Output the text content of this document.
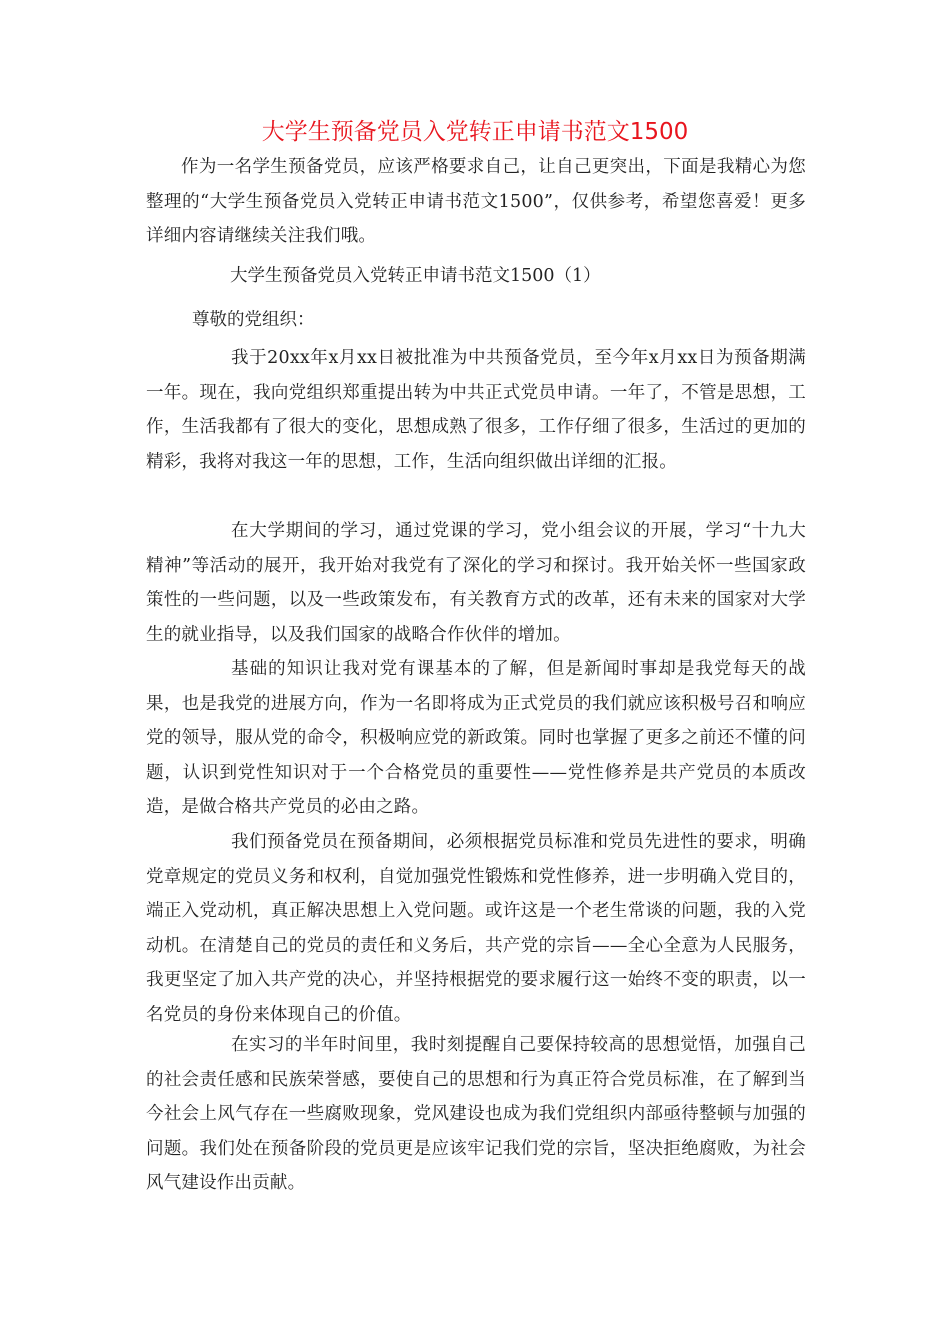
大学生预备党员入党转正申请书范文1500

作为一名学生预备党员，应该严格要求自己，让自己更突出，下面是我精心为您整理的“大学生预备党员入党转正申请书范文1500”，仅供参考，希望您喜爱！更多详细内容请继续关注我们哦。

大学生预备党员入党转正申请书范文1500（1）

尊敬的党组织：

我于20xx年x月xx日被批准为中共预备党员，至今年x月xx日为预备期满一年。现在，我向党组织郑重提出转为中共正式党员申请。一年了，不管是思想，工作，生活我都有了很大的变化，思想成熟了很多，工作仔细了很多，生活过的更加的精彩，我将对我这一年的思想，工作，生活向组织做出详细的汇报。

在大学期间的学习，通过党课的学习，党小组会议的开展，学习“十九大精神”等活动的展开，我开始对我党有了深化的学习和探讨。我开始关怀一些国家政策性的一些问题，以及一些政策发布，有关教育方式的改革，还有未来的国家对大学生的就业指导，以及我们国家的战略合作伙伴的增加。

基础的知识让我对党有课基本的了解，但是新闻时事却是我党每天的战果，也是我党的进展方向，作为一名即将成为正式党员的我们就应该积极号召和响应党的领导，服从党的命令，积极响应党的新政策。同时也掌握了更多之前还不懂的问题，认识到党性知识对于一个合格党员的重要性——党性修养是共产党员的本质改造，是做合格共产党员的必由之路。

我们预备党员在预备期间，必须根据党员标准和党员先进性的要求，明确党章规定的党员义务和权利，自觉加强党性锻炼和党性修养，进一步明确入党目的，端正入党动机，真正解决思想上入党问题。或许这是一个老生常谈的问题，我的入党动机。在清楚自己的党员的责任和义务后，共产党的宗旨——全心全意为人民服务，我更坚定了加入共产党的决心，并坚持根据党的要求履行这一始终不变的职责，以一名党员的身份来体现自己的价值。

在实习的半年时间里，我时刻提醒自己要保持较高的思想觉悟，加强自己的社会责任感和民族荣誉感，要使自己的思想和行为真正符合党员标准，在了解到当今社会上风气存在一些腐败现象，党风建设也成为我们党组织内部亟待整顿与加强的问题。我们处在预备阶段的党员更是应该牢记我们党的宗旨，坚决拒绝腐败，为社会风气建设作出贡献。
